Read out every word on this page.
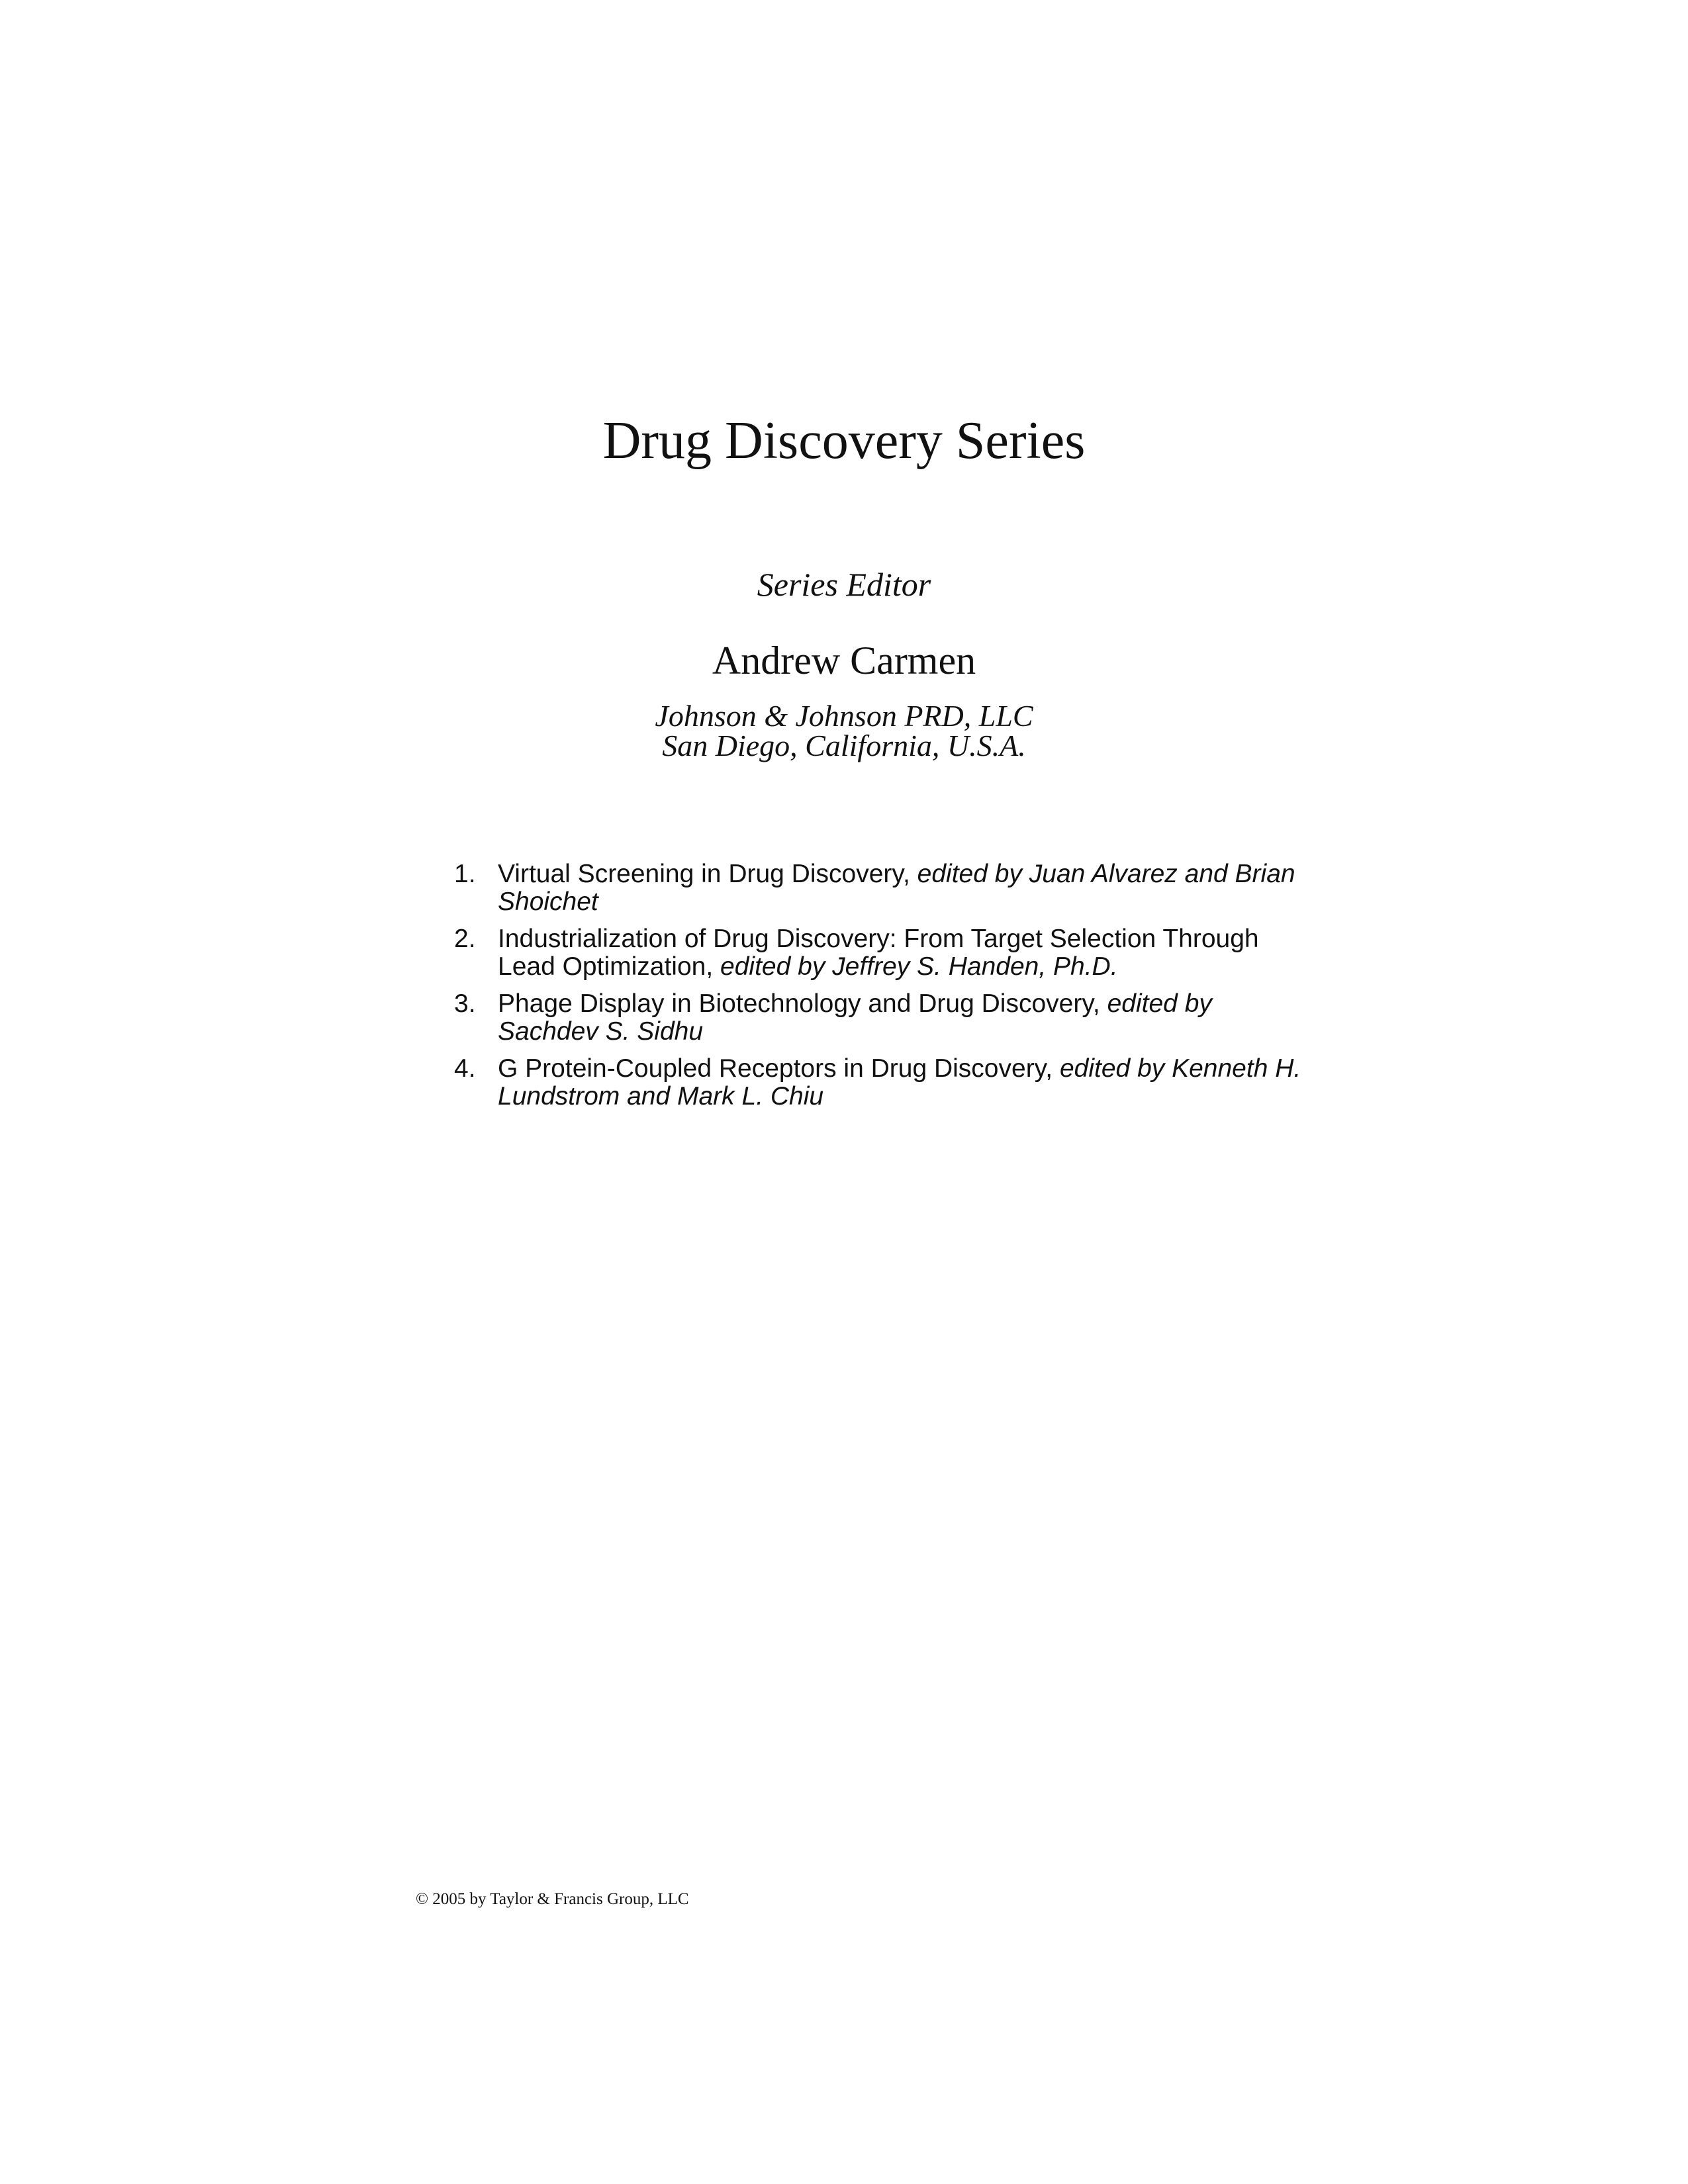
Drug Discovery Series
Series Editor
Andrew Carmen
Johnson & Johnson PRD, LLC
San Diego, California, U.S.A.
1. Virtual Screening in Drug Discovery, edited by Juan Alvarez and Brian Shoichet
2. Industrialization of Drug Discovery: From Target Selection Through Lead Optimization, edited by Jeffrey S. Handen, Ph.D.
3. Phage Display in Biotechnology and Drug Discovery, edited by Sachdev S. Sidhu
4. G Protein-Coupled Receptors in Drug Discovery, edited by Kenneth H. Lundstrom and Mark L. Chiu
© 2005 by Taylor & Francis Group, LLC
